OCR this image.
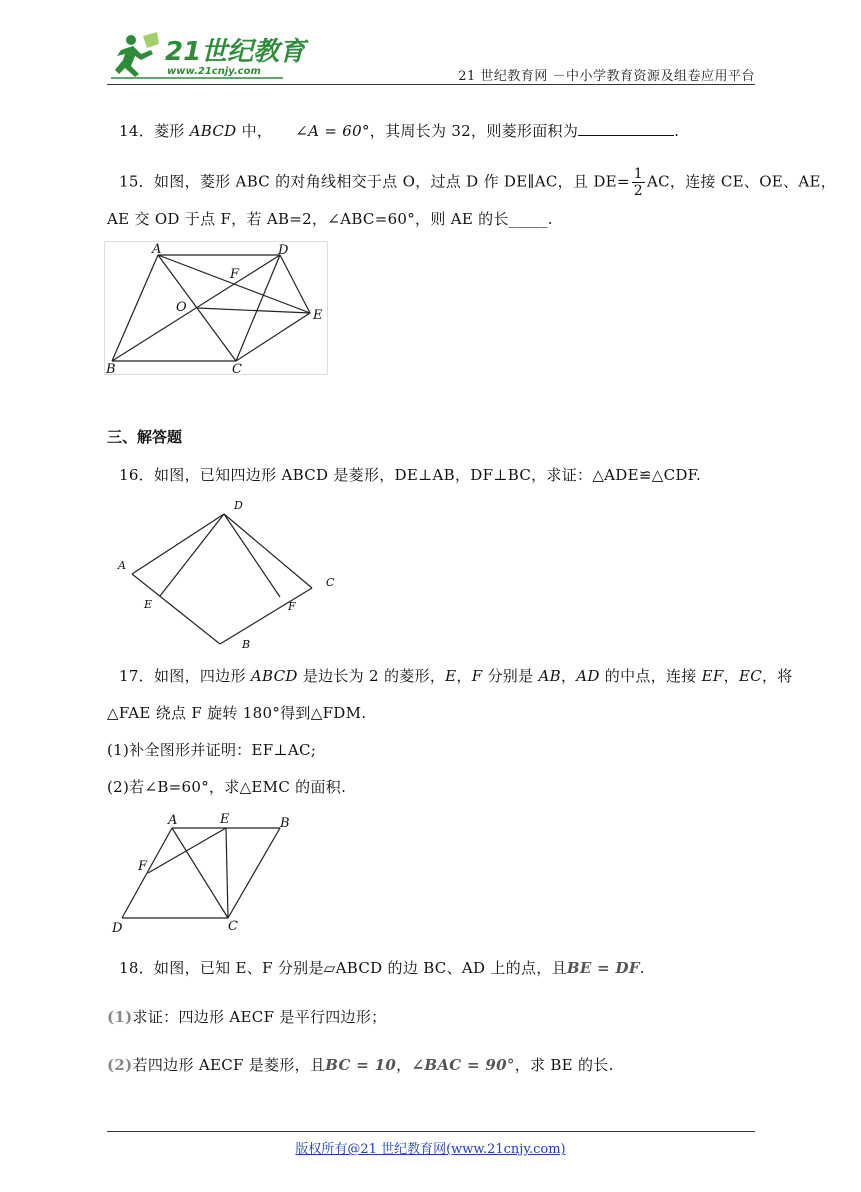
21世纪教育
www.21cnjy.com	21 世纪教育网 －中小学教育资源及组卷应用平台
14．菱形 ABCD 中， ∠A = 60°，其周长为 32，则菱形面积为	.
15．如图，菱形 ABC 的对角线相交于点 O，过点 D 作 DE∥AC，且 $DE= \frac{1}{2}$ AC，连接 CE、OE、AE，
AE 交 OD 于点 F，若 AB=2，∠ABC=60°，则 AE 的长_____.
A	D
F
O
E
B	C
三、解答题
16．如图，已知四边形 ABCD 是菱形，DE⊥AB，DF⊥BC，求证：△ADE≌△CDF.
A
D
C
E	F
B
17．如图，四边形 ABCD 是边长为 2 的菱形，E，F 分别是 AB，AD 的中点，连接 EF，EC，将
△FAE 绕点 F 旋转 180°得到△FDM.
(1)补全图形并证明：EF⊥AC;
(2)若∠B=60°，求△EMC 的面积.
A	E	B
F
D	C
18．如图，已知 E、F 分别是▱ABCD 的边 BC、AD 上的点，且BE = DF.
(1)求证：四边形 AECF 是平行四边形；
(2)若四边形 AECF 是菱形，且BC = 10，∠BAC = 90°，求 BE 的长.
版权所有@21 世纪教育网(www.21cnjy.com)
